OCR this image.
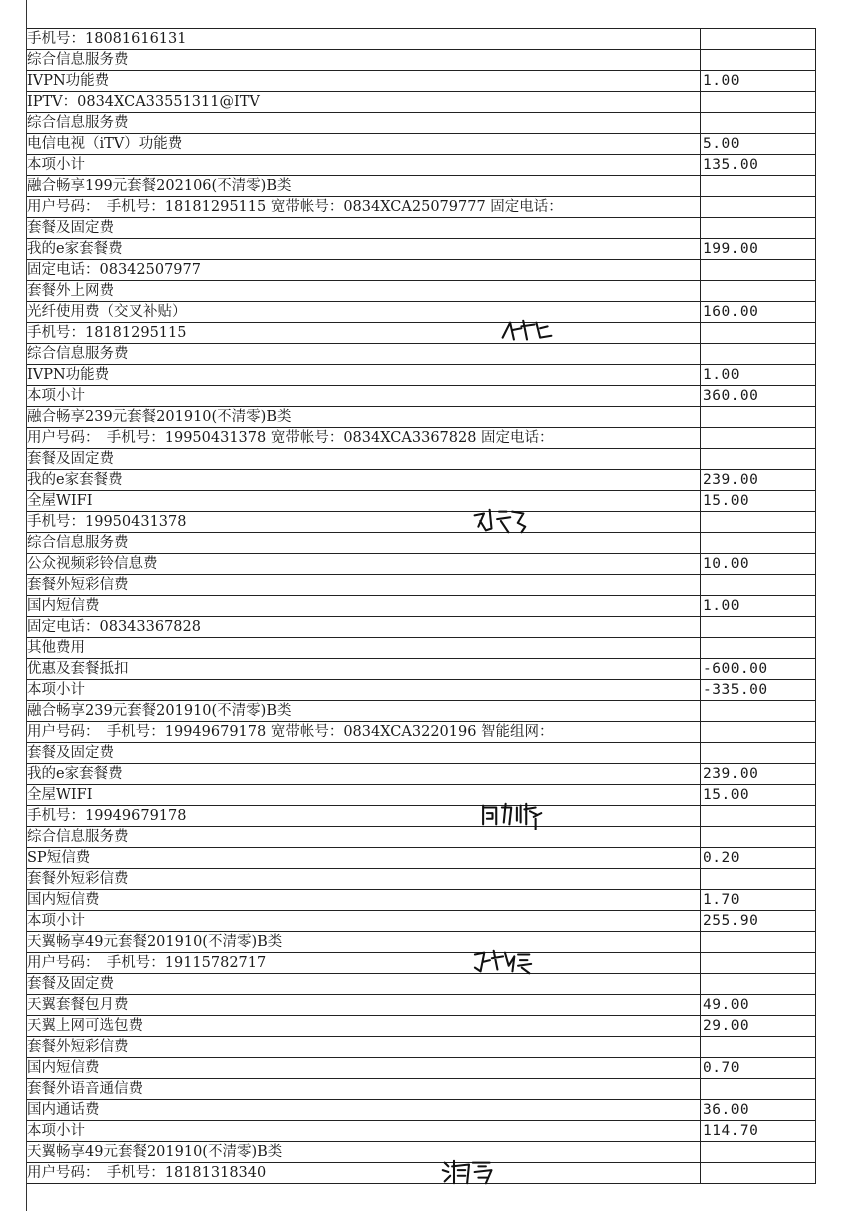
手机号：18081616131	
综合信息服务费	
IVPN功能费	1.00
IPTV：0834XCA33551311@ITV	
综合信息服务费	
电信电视（iTV）功能费	5.00
本项小计	135.00
融合畅享199元套餐202106(不清零)B类	
用户号码：　手机号：18181295115 宽带帐号：0834XCA25079777 固定电话：	
套餐及固定费	
我的e家套餐费	199.00
固定电话：08342507977	
套餐外上网费	
光纤使用费（交叉补贴）	160.00
手机号：18181295115

综合信息服务费	
IVPN功能费	1.00
本项小计	360.00
融合畅享239元套餐201910(不清零)B类	
用户号码：　手机号：19950431378 宽带帐号：0834XCA3367828 固定电话：	
套餐及固定费	
我的e家套餐费	239.00
全屋WIFI	15.00
手机号：19950431378

综合信息服务费	
公众视频彩铃信息费	10.00
套餐外短彩信费	
国内短信费	1.00
固定电话：08343367828	
其他费用	
优惠及套餐抵扣	-600.00
本项小计	-335.00
融合畅享239元套餐201910(不清零)B类	
用户号码：　手机号：19949679178 宽带帐号：0834XCA3220196 智能组网：	
套餐及固定费	
我的e家套餐费	239.00
全屋WIFI	15.00
手机号：19949679178

综合信息服务费	
SP短信费	0.20
套餐外短彩信费	
国内短信费	1.70
本项小计	255.90
天翼畅享49元套餐201910(不清零)B类	
用户号码：　手机号：19115782717

套餐及固定费	
天翼套餐包月费	49.00
天翼上网可选包费	29.00
套餐外短彩信费	
国内短信费	0.70
套餐外语音通信费	
国内通话费	36.00
本项小计	114.70
天翼畅享49元套餐201910(不清零)B类	
用户号码：　手机号：18181318340
